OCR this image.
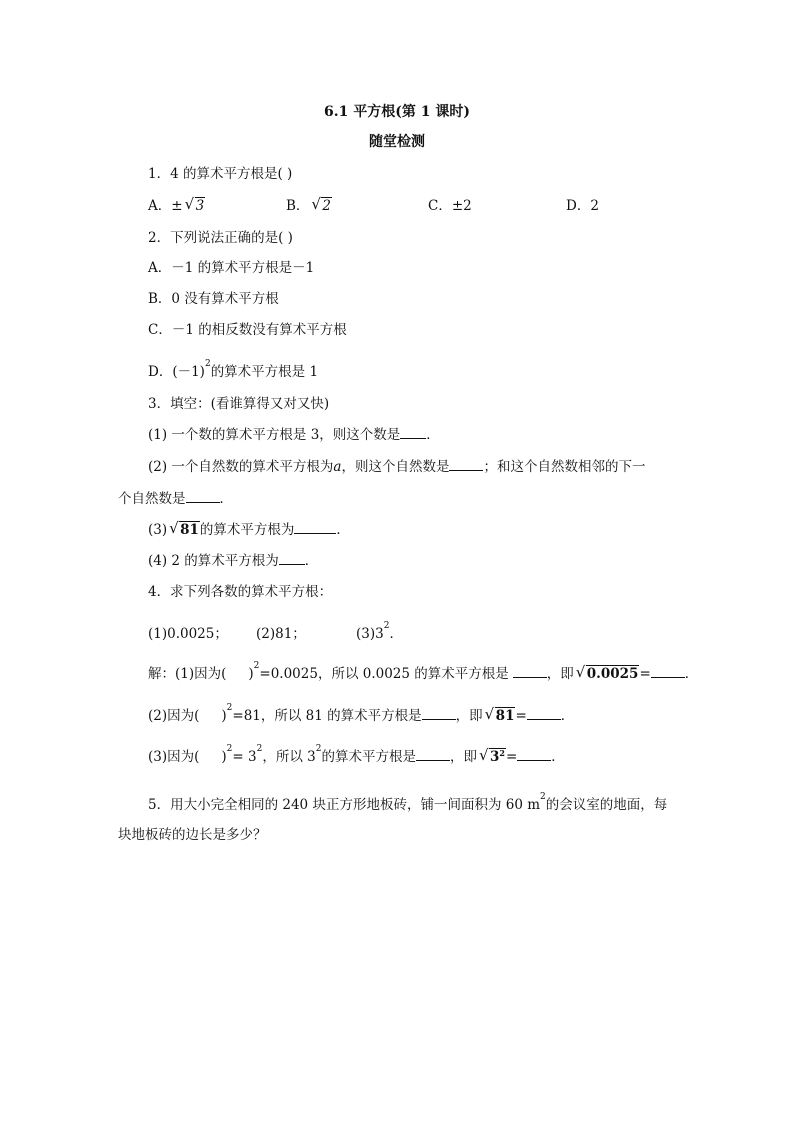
6.1 平方根(第 1 课时)
随堂检测
1．4 的算术平方根是( )
A．± √ 3	B． √ 2	C．±2	D．2
2．下列说法正确的是( )
A．－1 的算术平方根是－1
B．0 没有算术平方根
C．－1 的相反数没有算术平方根
D．$(-1)^2$的算术平方根是 1
3．填空：(看谁算得又对又快)
(1) 一个数的算术平方根是 3，则这个数是 ．
(2) 一个自然数的算术平方根为a，则这个自然数是	；和这个自然数相邻的下一
个自然数是	．
(3) √ 81的算术平方根为	．
(4) 2 的算术平方根为 ．
4．求下列各数的算术平方根：
(1)0.0025； (2)81；	$(3)3^2$．
解：(1)因为( )$^2$=0.0025，所以 0.0025 的算术平方根是	，即 √ 0.0025=	．
(2)因为( )$^2$=81，所以 81 的算术平方根是	，即 √ 81=	．
(3)因为( )$^2= 3^2$，所以 $3^2$的算术平方根是	，即 √ $3^2=$	．
5．用大小完全相同的 240 块正方形地板砖，铺一间面积为 60 $m^2$的会议室的地面，每
块地板砖的边长是多少？
